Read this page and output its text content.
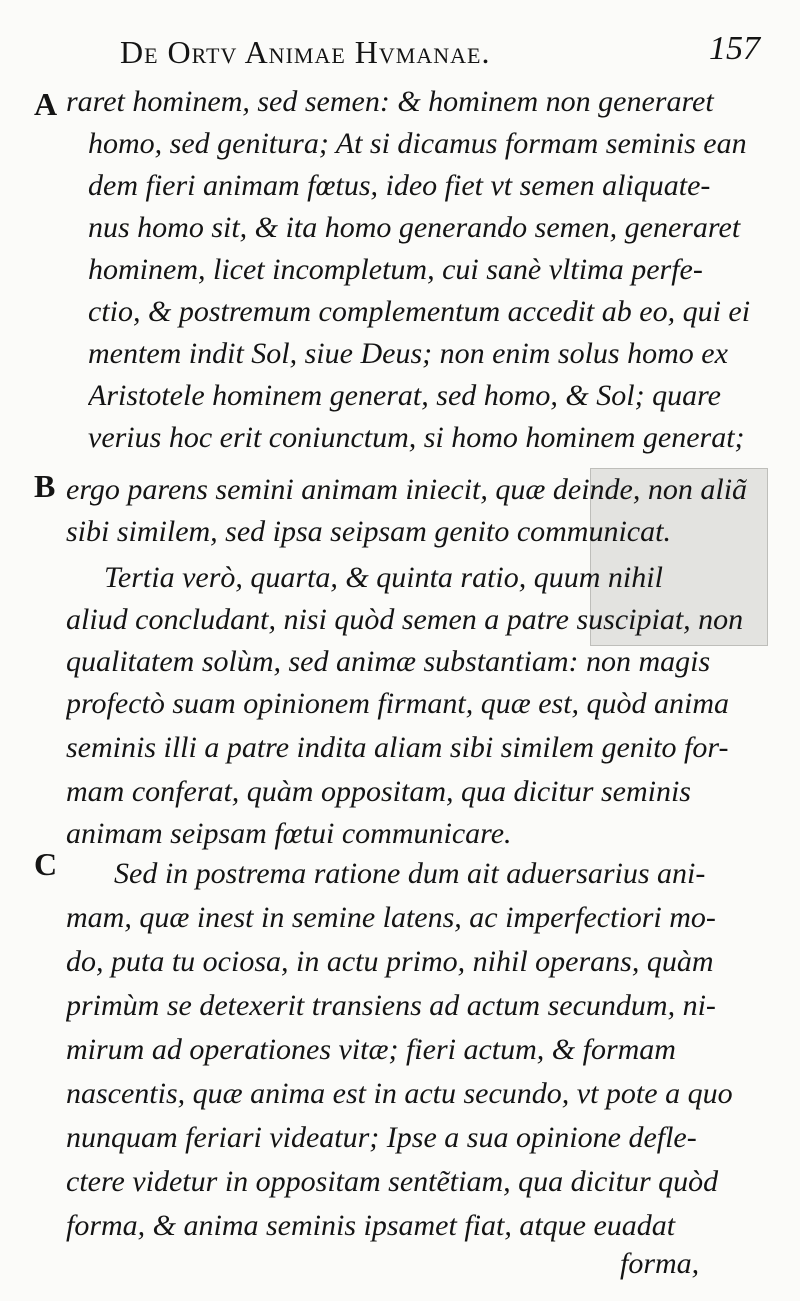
De Ortv Animae Hvmanae.	157
A
B
C
raret hominem, sed semen: & hominem non generaret
homo, sed genitura; At si dicamus formam seminis ean
dem fieri animam fœtus, ideo fiet vt semen aliquate-
nus homo sit, & ita homo generando semen, generaret
hominem, licet incompletum, cui sanè vltima perfe-
ctio, & postremum complementum accedit ab eo, qui ei
mentem indit Sol, siue Deus; non enim solus homo ex
Aristotele hominem generat, sed homo, & Sol; quare
verius hoc erit coniunctum, si homo hominem generat;
ergo parens semini animam iniecit, quæ deinde, non aliã
sibi similem, sed ipsa seipsam genito communicat.
Tertia verò, quarta, & quinta ratio, quum nihil
aliud concludant, nisi quòd semen a patre suscipiat, non
qualitatem solùm, sed animæ substantiam: non magis
profectò suam opinionem firmant, quæ est, quòd anima
seminis illi a patre indita aliam sibi similem genito for-
mam conferat, quàm oppositam, qua dicitur seminis
animam seipsam fœtui communicare.
Sed in postrema ratione dum ait aduersarius ani-
mam, quæ inest in semine latens, ac imperfectiori mo-
do, puta tu ociosa, in actu primo, nihil operans, quàm
primùm se detexerit transiens ad actum secundum, ni-
mirum ad operationes vitæ; fieri actum, & formam
nascentis, quæ anima est in actu secundo, vt pote a quo
nunquam feriari videatur; Ipse a sua opinione defle-
ctere videtur in oppositam sentẽtiam, qua dicitur quòd
forma, & anima seminis ipsamet fiat, atque euadat
forma,
